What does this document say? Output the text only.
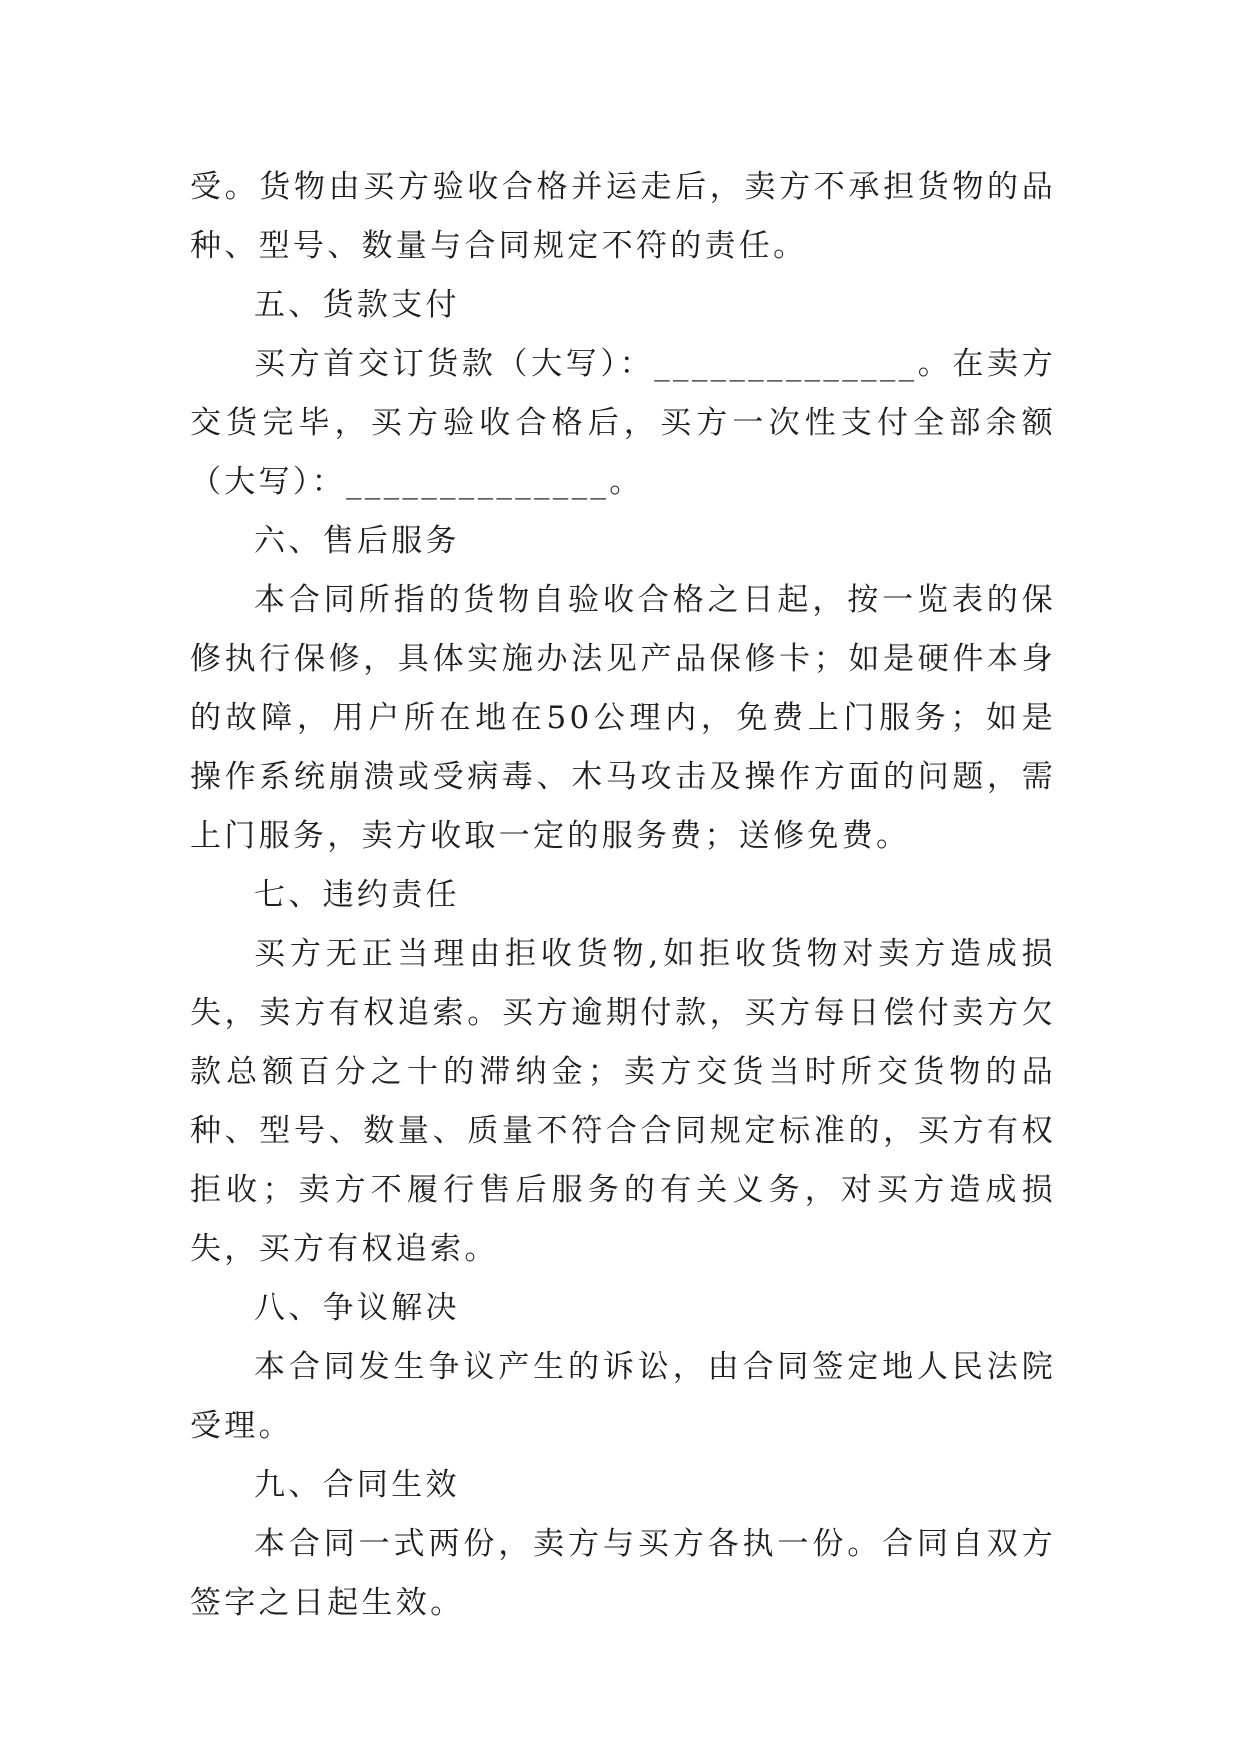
受。货物由买方验收合格并运走后，卖方不承担货物的品种、型号、数量与合同规定不符的责任。

五、货款支付

买方首交订货款（大写）：______________。在卖方交货完毕，买方验收合格后，买方一次性支付全部余额（大写）：______________。

六、售后服务

本合同所指的货物自验收合格之日起，按一览表的保修执行保修，具体实施办法见产品保修卡；如是硬件本身的故障，用户所在地在50公理内，免费上门服务；如是操作系统崩溃或受病毒、木马攻击及操作方面的问题，需上门服务，卖方收取一定的服务费；送修免费。

七、违约责任

买方无正当理由拒收货物,如拒收货物对卖方造成损失，卖方有权追索。买方逾期付款，买方每日偿付卖方欠款总额百分之十的滞纳金；卖方交货当时所交货物的品种、型号、数量、质量不符合合同规定标准的，买方有权拒收；卖方不履行售后服务的有关义务，对买方造成损失，买方有权追索。

八、争议解决

本合同发生争议产生的诉讼，由合同签定地人民法院受理。

九、合同生效

本合同一式两份，卖方与买方各执一份。合同自双方签字之日起生效。
